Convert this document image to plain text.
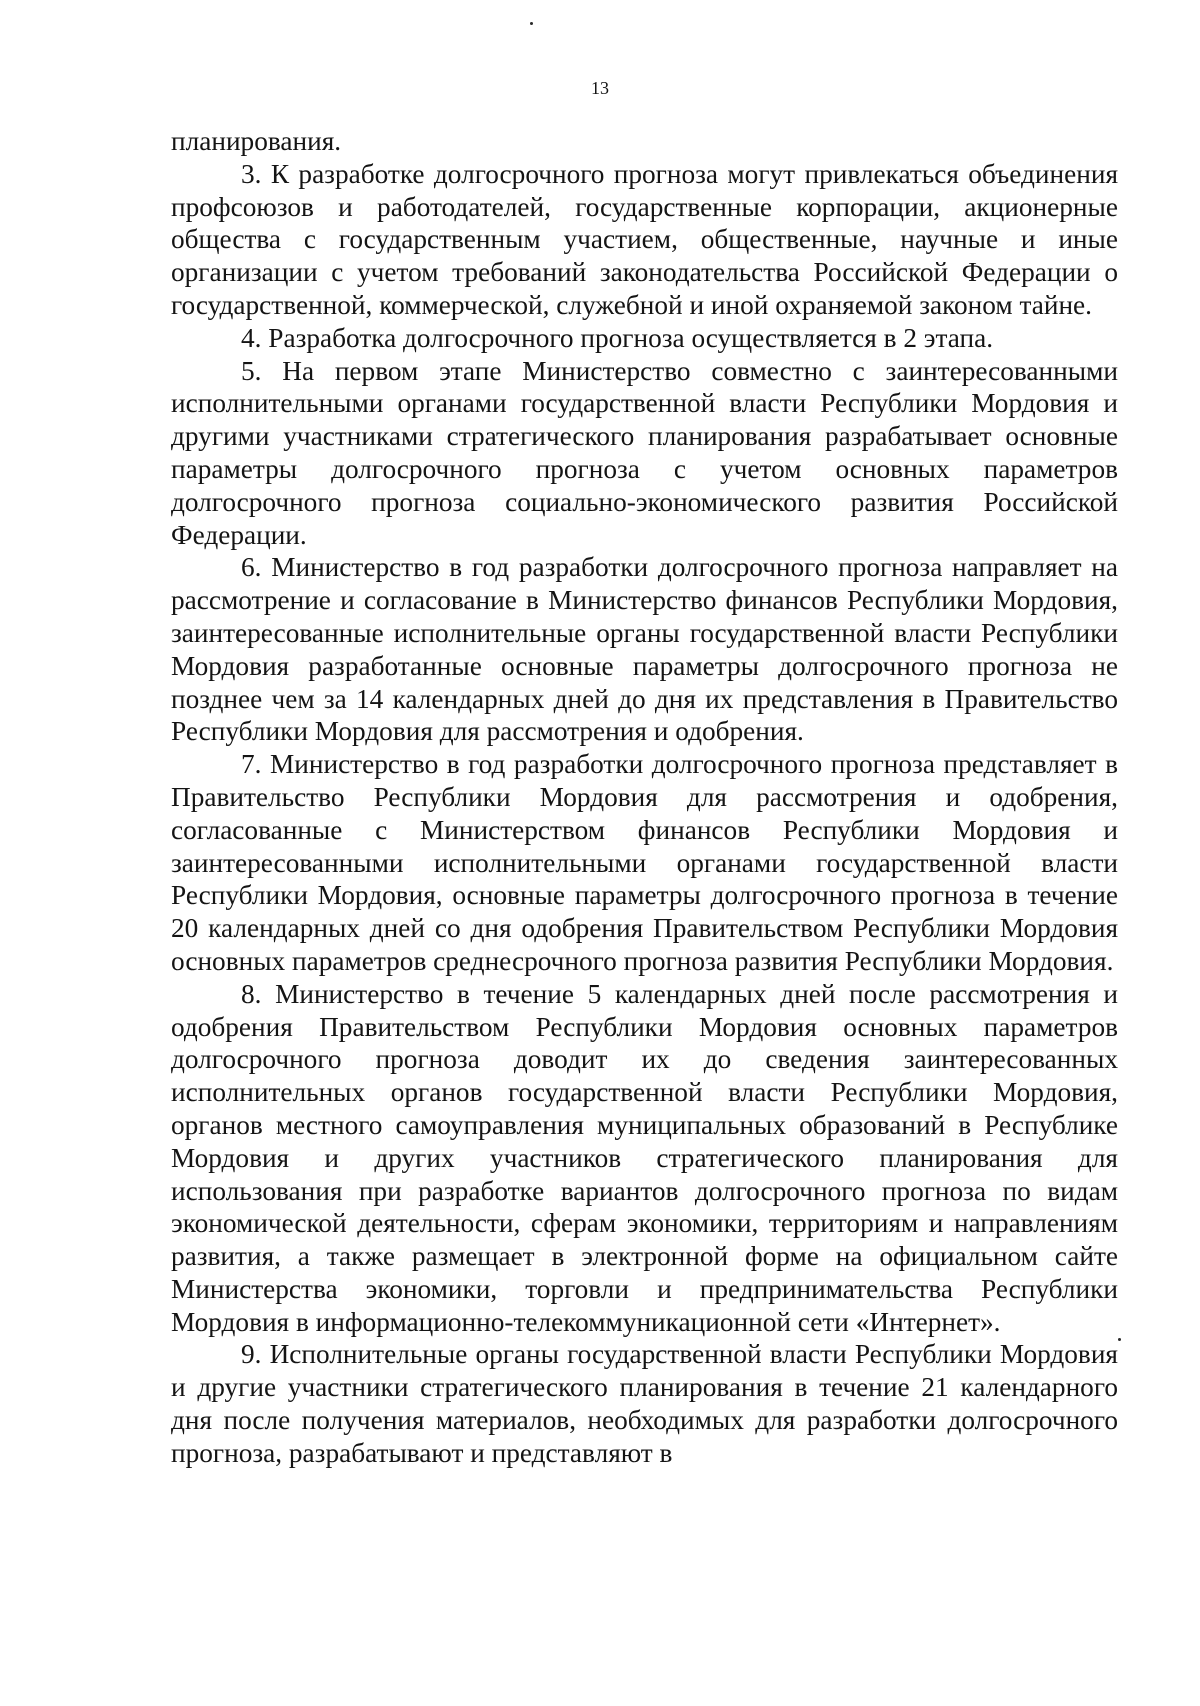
13

планирования.

3. К разработке долгосрочного прогноза могут привлекаться объединения профсоюзов и работодателей, государственные корпорации, акционерные общества с государственным участием, общественные, научные и иные организации с учетом требований законодательства Российской Федерации о государственной, коммерческой, служебной и иной охраняемой законом тайне.

4. Разработка долгосрочного прогноза осуществляется в 2 этапа.

5. На первом этапе Министерство совместно с заинтересованными исполнительными органами государственной власти Республики Мордовия и другими участниками стратегического планирования разрабатывает основные параметры долгосрочного прогноза с учетом основных параметров долгосрочного прогноза социально-экономического развития Российской Федерации.

6. Министерство в год разработки долгосрочного прогноза направляет на рассмотрение и согласование в Министерство финансов Республики Мордовия, заинтересованные исполнительные органы государственной власти Республики Мордовия разработанные основные параметры долгосрочного прогноза не позднее чем за 14 календарных дней до дня их представления в Правительство Республики Мордовия для рассмотрения и одобрения.

7. Министерство в год разработки долгосрочного прогноза представляет в Правительство Республики Мордовия для рассмотрения и одобрения, согласованные с Министерством финансов Республики Мордовия и заинтересованными исполнительными органами государственной власти Республики Мордовия, основные параметры долгосрочного прогноза в течение 20 календарных дней со дня одобрения Правительством Республики Мордовия основных параметров среднесрочного прогноза развития Республики Мордовия.

8. Министерство в течение 5 календарных дней после рассмотрения и одобрения Правительством Республики Мордовия основных параметров долгосрочного прогноза доводит их до сведения заинтересованных исполнительных органов государственной власти Республики Мордовия, органов местного самоуправления муниципальных образований в Республике Мордовия и других участников стратегического планирования для использования при разработке вариантов долгосрочного прогноза по видам экономической деятельности, сферам экономики, территориям и направлениям развития, а также размещает в электронной форме на официальном сайте Министерства экономики, торговли и предпринимательства Республики Мордовия в информационно-телекоммуникационной сети «Интернет».

9. Исполнительные органы государственной власти Республики Мордовия и другие участники стратегического планирования в течение 21 календарного дня после получения материалов, необходимых для разработки долгосрочного прогноза, разрабатывают и представляют в
